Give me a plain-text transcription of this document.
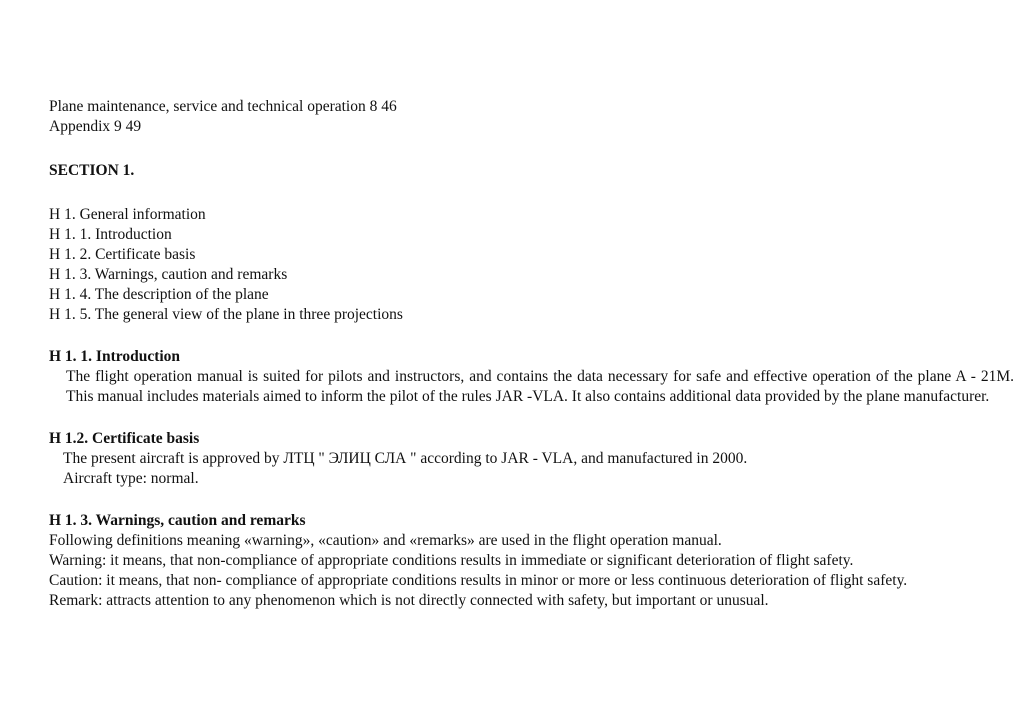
Plane maintenance, service and technical operation 8 46
Appendix 9 49
SECTION 1.
H 1. General information
H 1. 1. Introduction
H 1. 2. Certificate basis
H 1. 3. Warnings, caution and remarks
H 1. 4. The description of the plane
H 1. 5. The general view of the plane in three projections
H 1. 1. Introduction
The flight operation manual is suited for pilots and instructors, and contains the data necessary for safe and effective operation of the plane A - 21M. This manual includes materials aimed to inform the pilot of the rules JAR -VLA. It also contains additional data provided by the plane manufacturer.
H 1.2. Certificate basis
The present aircraft is approved by ЛТЦ " ЭЛИЦ СЛА " according to JAR - VLA, and manufactured in 2000.
Aircraft type: normal.
H 1. 3. Warnings, caution and remarks
Following definitions meaning «warning», «caution» and «remarks» are used in the flight operation manual.
Warning: it means, that non-compliance of appropriate conditions results in immediate or significant deterioration of flight safety.
Caution: it means, that non- compliance of appropriate conditions results in minor or more or less continuous deterioration of flight safety.
Remark: attracts attention to any phenomenon which is not directly connected with safety, but important or unusual.
